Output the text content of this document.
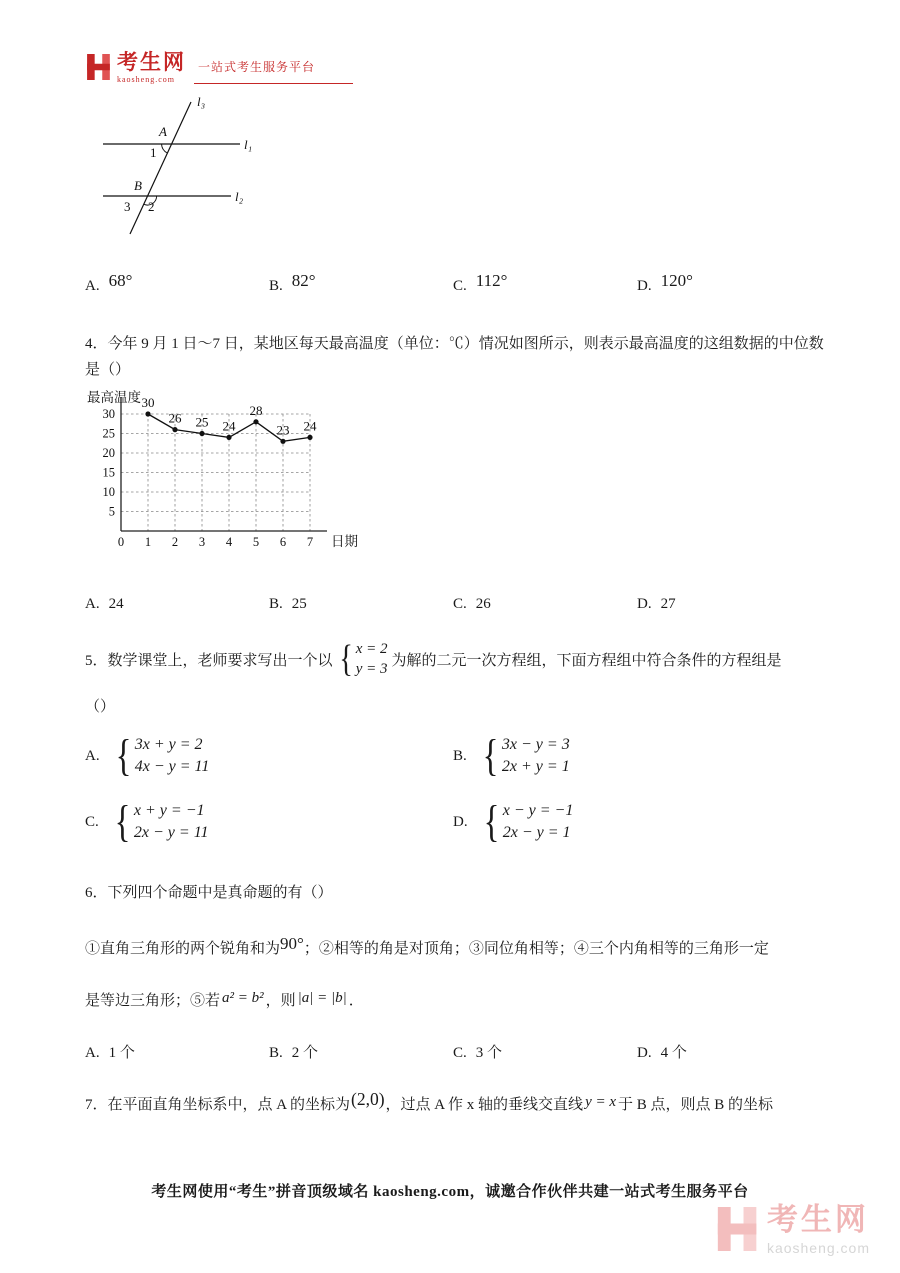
考生网
kaosheng.com
一站式考生服务平台
l₃
l₁
l₂
A
B
1
2
3
A. 68°	B. 82°	C. 112°	D. 120°

4．今年 9 月 1 日～7 日，某地区每天最高温度（单位：℃）情况如图所示，则表示最高温度的这组数据的中位数是（）

30
26 25 24
28
23 24
5
10
15
20
25
30
0 1 2 3 4 5 6 7 日期
最高温度
A. 24	B. 25	C. 26	D. 27
5．数学课堂上，老师要求写出一个以 { x = 2
y = 3
为解的二元一次方程组，下面方程组中符合条件的方程组是

（）

A. { 3x + y = 2
4x − y = 11
B. { 3x − y = 3
2x + y = 1
C. { x + y = −1
2x − y = 11
D. { x − y = −1
2x − y = 1

6．下列四个命题中是真命题的有（）

①直角三角形的两个锐角和为90°；②相等的角是对顶角；③同位角相等；④三个内角相等的三角形一定

是等边三角形；⑤若 a² = b² ，则 |a| = |b| ．

A. 1 个	B. 2 个	C. 3 个	D. 4 个

7．在平面直角坐标系中，点 A 的坐标为(2,0)，过点 A 作 x 轴的垂线交直线 y = x 于 B 点，则点 B 的坐标

考生网使用“考生”拼音顶级域名 kaosheng.com，诚邀合作伙伴共建一站式考生服务平台
考生网
kaosheng.com
